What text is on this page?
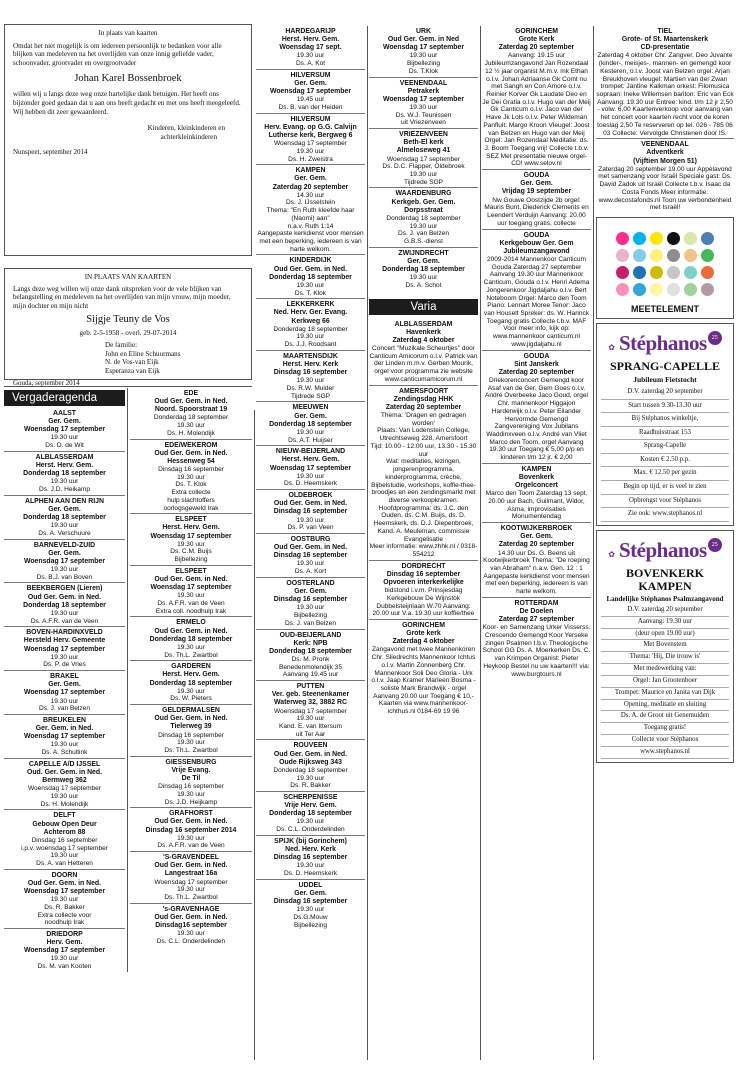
In plaats van kaarten
Omdat het niet mogelijk is om iedereen persoonlijk te bedanken voor alle blijken van medeleven na het overlijden van onze innig geliefde vader, schoonvader, grootvader en overgrootvader
Johan Karel Bossenbroek
willen wij u langs deze weg onze hartelijke dank betuigen. Het heeft ons bijzonder goed gedaan dat u aan ons heeft gedacht en met ons heeft meegeleefd.
Wij hebben dit zeer gewaardeerd.
Kinderen, kleinkinderen en
achterkleinkinderen
Nunspeet, september 2014
IN PLAATS VAN KAARTEN
Langs deze weg willen wij onze dank uitspreken voor de vele blijken van belangstelling en medeleven na het overlijden van mijn vrouw, mijn moeder, mijn dochter en mijn nicht
Sijgje Teuny de Vos
geb. 2-5-1958 - overl. 29-07-2014
De familie:
John en Eline Schuurmans
N. de Vos-van Eijk
Esperanza van Eijk
Gouda, september 2014
Vergaderagenda
AALST
Ger. Gem.
Woensdag 17 september
19.30 uur
Ds. D. de Wit
ALBLASSERDAM
Herst. Herv. Gem.
Donderdag 18 september
19.30 uur
Ds. J.D. Heikamp
ALPHEN AAN DEN RIJN
Ger. Gem.
Donderdag 18 september
19.30 uur
Ds. A. Verschuure
BARNEVELD-ZUID
Ger. Gem.
Woensdag 17 september
19.30 uur
Ds. B.J. van Boven
BEEKBERGEN (Lieren)
Oud Ger. Gem. in Ned.
Donderdag 18 september
19.30 uur
Ds. A.F.R. van de Veen
BOVEN-HARDINXVELD
Hersteld Herv. Gemeente
Woensdag 17 september
19.30 uur
Ds. P. de Vries
BRAKEL
Ger. Gem.
Woensdag 17 september
19.30 uur
Ds. J. van Belzen
BREUKELEN
Ger. Gem. in Ned.
Woensdag 17 september
19.30 uur
Ds. A. Schultink
CAPELLE A/D IJSSEL
Oud. Ger. Gem. in Ned.
Bermweg 362
Woensdag 17 september
19.30 uur
Ds. H. Molendijk
DELFT
Gebouw Open Deur
Achterom 88
Dinsdag 16 september
i.p.v. woensdag 17 september
19.30 uur
Ds. A. van Hetteren
DOORN
Oud Ger. Gem. in Ned.
Woensdag 17 september
19.30 uur
Ds. R. Bakker
Extra collecte voor
noodhulp Irak
DRIEDORP
Herv. Gem.
Woensdag 17 september
19.30 uur
Ds. M. van Kooten
EDE
Oud Ger. Gem. in Ned.
Noord. Spoorstraat 19
Donderdag 18 september
19.30 uur
Ds. H. Molendijk
EDE/WEKEROM
Oud Ger. Gem. in Ned.
Hessenweg 54
Dinsdag 16 september
19.30 uur
Ds. T. Klok
Extra collecte
hulp slachtoffers
oorlogsgeweld Irak
ELSPEET
Herst. Herv. Gem.
Woensdag 17 september
19.30 uur
Ds. C.M. Buijs
Bijbellezing
ELSPEET
Oud Ger. Gem. in Ned.
Woensdag 17 september
19.30 uur
Ds. A.F.R. van de Veen
Extra coll. noodhulp Irak
ERMELO
Oud Ger. Gem. in Ned.
Donderdag 18 september
19.30 uur
Ds. Th.L. Zwartbol
GARDEREN
Herst. Herv. Gem.
Donderdag 18 september
19.30 uur
Ds. W. Pieters
GELDERMALSEN
Oud Ger. Gem. in Ned.
Tielerweg 39
Dinsdag 16 september
19.30 uur
Ds. Th.L. Zwartbol
GIESSENBURG
Vrije Evang.
De Til
Dinsdag 16 september
19.30 uur
Ds. J.D. Heijkamp
GRAFHORST
Oud Ger. Gem. in Ned.
Dinsdag 16 september 2014
19.30 uur
Ds. A.F.R. van de Veen
'S-GRAVENDEEL
Oud Ger. Gem. in Ned.
Langestraat 16a
Woensdag 17 september
19.30 uur
Ds. Th.L. Zwartbol
's-GRAVENHAGE
Oud Ger. Gem. in Ned.
Dinsdag16 september
19.30 uur
Ds. C.L. Onderdelinden
HARDEGARIJP
Herst. Herv. Gem.
Woensdag 17 sept.
19.30 uur
Ds. A. Kot
HILVERSUM
Ger. Gem.
Woensdag 17 september
19.45 uur
Ds. B. van der Heiden
HILVERSUM
Herv. Evang. op G.G. Calvijn
Lutherse kerk, Bergweg 6
Woensdag 17 september
19.30 uur
Ds. H. Zweistra
KAMPEN
Ger. Gem.
Zaterdag 20 september
14.30 uur
Ds. J. IJsselstein
Thema: "En Ruth kleefde haar (Naomi) aan"
n.a.v. Ruth 1:14
Aangepaste kerkdienst voor mensen met een beperking, iedereen is van harte welkom.
KINDERDIJK
Oud Ger. Gem. in Ned.
Donderdag 18 september
19.30 uur
Ds. T. Klok
LEKKERKERK
Ned. Herv. Ger. Evang.
Kerkweg 66
Donderdag 18 september
19.30 uur
Ds. J.J. Roodsant
MAARTENSDIJK
Herst. Herv. Kerk
Dinsdag 16 september
19.30 uur
Ds. R.W. Mulder
Tijdrede SGP
MEEUWEN
Ger. Gem.
Donderdag 18 september
19.30 uur
Ds. A.T. Huijser
NIEUW-BEIJERLAND
Herst. Herv. Gem.
Woensdag 17 september
19.30 uur
Ds. D. Heemskerk
OLDEBROEK
Oud Ger. Gem. in Ned.
Dinsdag 16 september
19.30 uur
Ds. P. van Veen
OOSTBURG
Oud Ger. Gem. in Ned.
Dinsdag 16 september
19.30 uur
Ds. A. Kort
OOSTERLAND
Ger. Gem.
Dinsdag 16 september
19.30 uur
Bijbellezing
Ds. J. van Belzen
OUD-BEIJERLAND
Kerk: NPB
Donderdag 18 september
Ds. M. Pronk
Benedenmolendijk 35
Aanvang 19.45 uur
PUTTEN
Ver. geb. Steenenkamer
Waterweg 32, 3882 RC
Woensdag 17 september
19.30 uur
Kand. E. van Ittersum
uit Ter Aar
ROUVEEN
Oud Ger. Gem. in Ned.
Oude Rijksweg 343
Donderdag 18 september
19.30 uur
Ds. R. Bakker
SCHERPENISSE
Vrije Herv. Gem.
Donderdag 18 september
19.30 uur
Ds. C.L. Onderdelinden
SPIJK (bij Gorinchem)
Ned. Herv. Kerk
Dinsdag 16 september
19.30 uur
Ds. D. Heemskerk
UDDEL
Ger. Gem.
Dinsdag 16 september
19.30 uur
Ds.G.Mouw
Bijbellezing
URK
Oud Ger. Gem. in Ned
Woensdag 17 september
19.30 uur
Bijbellezing
Ds. T.Klok
VEENENDAAL
Petrakerk
Woensdag 17 september
19.30 uur
Ds. W.J. Teunissen
uit Vriezenveen
VRIEZENVEEN
Beth-El kerk
Almeloseweg 41
Woensdag 17 september
Ds. D.C. Flapper, Oldebroek
19.30 uur
Tijdrede SGP
WAARDENBURG
Kerkgeb. Ger. Gem.
Dorpsstraat
Donderdag 18 september
19.30 uur
Ds. J. van Belzen
G.B.S.-dienst
ZWIJNDRECHT
Ger. Gem.
Donderdag 18 september
19.30 uur
Ds. A. Schot
Varia
ALBLASSERDAM
Havenkerk
Zaterdag 4 oktober
Concert "Muzikale Scheurtjes" door Canticum Amicorum o.l.v. Patrick van der Linden m.m.v. Gerben Mourik, orgel voor programma zie website www.canticumamicorum.nl
AMERSFOORT
Zendingsdag HHK
Zaterdag 20 september
Thema: 'Dragen en gedragen worden'
Plaats: Van Lodenstein College, Utrechtseweg 228, Amersfoort
Tijd: 10.00 - 12.00 uur, 13.30 - 15.30 uur
Wat: meditaties, lezingen, jongerenprogramma, kinderprogramma, crèche, Bijbelstudie, workshops, koffie-thee-broodjes en een zendingsmarkt met diverse verkoopkramen.
Hoofdprogramma: ds. J.C. den Ouden, ds. C.M. Buijs, ds. D. Heemskerk, ds. D.J. Diepenbroek, Kand. A. Meuleman, commissie Evangelisatie
Meer informatie: www.zhhk.nl / 0318-554212
DORDRECHT
Dinsdag 16 september
Opvoeren interkerkelijke
bidstond i.v.m. Prinsjesdag Kerkgebouw De Wijnstok Dubbelsteijnlaan W.70 Aanvang: 20.00 uur V.a. 19.30 uur koffie/thee
GORINCHEM
Grote kerk
Zaterdag 4 oktober
Zangavond met twee Mannenkoren Chr. Sliedrechts Mannenkoor Ichtus o.l.v. Martin Zonnenberg Chr. Mannenkoor Soli Deo Gloria - Urk o.l.v. Jaap Kramer Marleen Bosma - soliste Mark Brandwijk - orgel Aanvang 20.00 uur Toegang € 10,- Kaarten via www.mannenkoor-ichthus.nl 0184-69 19 96
GORINCHEM
Grote Kerk
Zaterdag 20 september
Aanvang: 19.15 uur Jubileumzangavond Jan Rozendaal 12 ½ jaar organist M.m.v. mk Ethan o.l.v. Johan Adriaanse Gk Comt nu met Sangh en Con Amore o.l.v. Reinier Korver Gk Laudate Deo en Je Dei Gratia o.l.v. Hugo van der Meij Gk Canticum o.l.v. Jaco van der Have Jk Lols o.l.v. Peter Wildeman Panfluit: Margo Kroon Vleugel: Joost van Belzen en Hugo van der Meij Orgel: Jan Rozendaal Meditatie: ds. J. Boom Toegang vrij! Collecte t.b.v. SEZ Met presentatie nieuwe orgel-CD! www.selov.nl
GOUDA
Ger. Gem.
Vrijdag 19 september
Nw Gouwe Oostzijde 2b orgel: Mauris Bunt, Diederick Clements en Leendert Verduijn Aanvang: 20.00 uur toegang gratis, collecte
GOUDA
Kerkgebouw Ger. Gem
Jubileumzangavond
2009-2014 Mannenkoor Canticum Gouda Zaterdag 27 september Aanvang 19.30 uur Mannenkoor Canticum, Gouda o.l.v. Henri Adema Jongerenkoor Jigdaljahu o.l.v. Bert Noteboom Orgel: Marco den Toom Piano: Lennart Moree Tenor: Jaco van Houselt Spreker: ds. W. Harinck Toegang gratis Collecte t.b.v. MAF Voor meer info, kijk op: www.mannenkoor canticum.nl www.jigdaljahu.nl
GOUDA
Sint Janskerk
Zaterdag 20 september
Driekorenconcert Gemengd koor Asaf van de Ger. Gem Goes o.l.v. André Overbeeke Jaco Goud, orgel Chr. mannenkoor Higgajon Harderwijk o.l.v. Peter Eilander Hervormde Gemengd Zangvereniging Vox Jubilans Waddinxveen o.l.v. André van Vliet Marco den Toom, orgel Aanvang 19.30 uur Toegang € 5,00 p/p en kinderen t/m 12 jr. € 2,00
KAMPEN
Bovenkerk
Orgelconcert
Marco den Toom Zaterdag 13 sept. 20.00 uur Bach, Guilmant, Widor, Asma, improvisaties Monumentendag
KOOTWIJKERBROEK
Ger. Gem.
Zaterdag 20 september
14.30 uur Ds. G. Beens uit Kootwijkerbroek Thema: "De roeping van Abraham" n.a.v. Gen. 12 : 1 Aangepaste kerkdienst voor mensen met een beperking, iedereen is van harte welkom.
ROTTERDAM
De Doelen
Zaterdag 27 september
Koor- en Samenzang Urker Visserss. Crescendo Gemengd Koor Yerseke zingen Psalmen t.b.v. Theologische School GG Ds. A. Moerkerken Ds. C. van Krimpen Organist: Pieter Heykoop Bestel nu uw kaarten!!! via: www.burgtours.nl
TIEL
Grote- of St. Maartenskerk
CD-presentatie
Zaterdag 4 oktober Chr. Zangver. Deo Juvante (kinder-, meisjes-, mannen- en gemengd koor Kesteren, o.l.v. Joost van Belzen orgel: Arjan Breukhoven vleugel: Martien van der Zwan trompet: Jantine Kalkman orkest: Filomusica sopraan: Ineke Willemsen bariton: Eric van Eck Aanvang: 19.30 uur Entree: kind. t/m 12 jr 2,50 - volw. 6,00 Kaartenverkoop voor aanvang van het concert voor kaarten recht voor de koren toeslag 2,50 Te reserveren op tel. 026 - 785 06 03 Collecte: Vervolgde Christenen door IS.
VEENENDAAL
Adventkerk
(Vijftien Morgen 51)
Zaterdag 20 september 19.00 uur Appèlavond met samenzang voor Israël Speciale gast: Ds. David Zadok uit Israël Collecte t.b.v. Isaac da Costa Fonds Meer informatie: www.decostafonds.nl Toon uw verbondenheid met Israël!
MEETELEMENT
✿ Stéphanos 25 jaar
SPRANG-CAPELLE
Jubileum Fietstocht
D.V. zaterdag 20 september
Start tussen 9.30-13.30 uur
Bij Stéphanos winkeltje,
Raadhuisstraat 153
Sprang-Capelle
Kosten € 2.50 p.p.
Max. € 12.50 per gezin
Begin op tijd, er is veel te zien
Opbrengst voor Stéphanos
Zie ook: www.stephanos.nl
✿ Stéphanos 25 jaar
BOVENKERK KAMPEN
Landelijke Stéphanos Psalmzangavond
D.V. zaterdag 20 september
Aanvang: 19.30 uur
(deur open 19.00 uur)
Met Bovenstem
Thema: 'Hij, Die trouw is'
Met medewerking van:
Orgel: Jan Grootenboer
Trompet: Maurice en Janita van Dijk
Opening, meditatie en sluiting
Ds. A. de Groot uit Genemuiden
Toegang gratis!
Collecte voor Stéphanos
www.stephanos.nl
